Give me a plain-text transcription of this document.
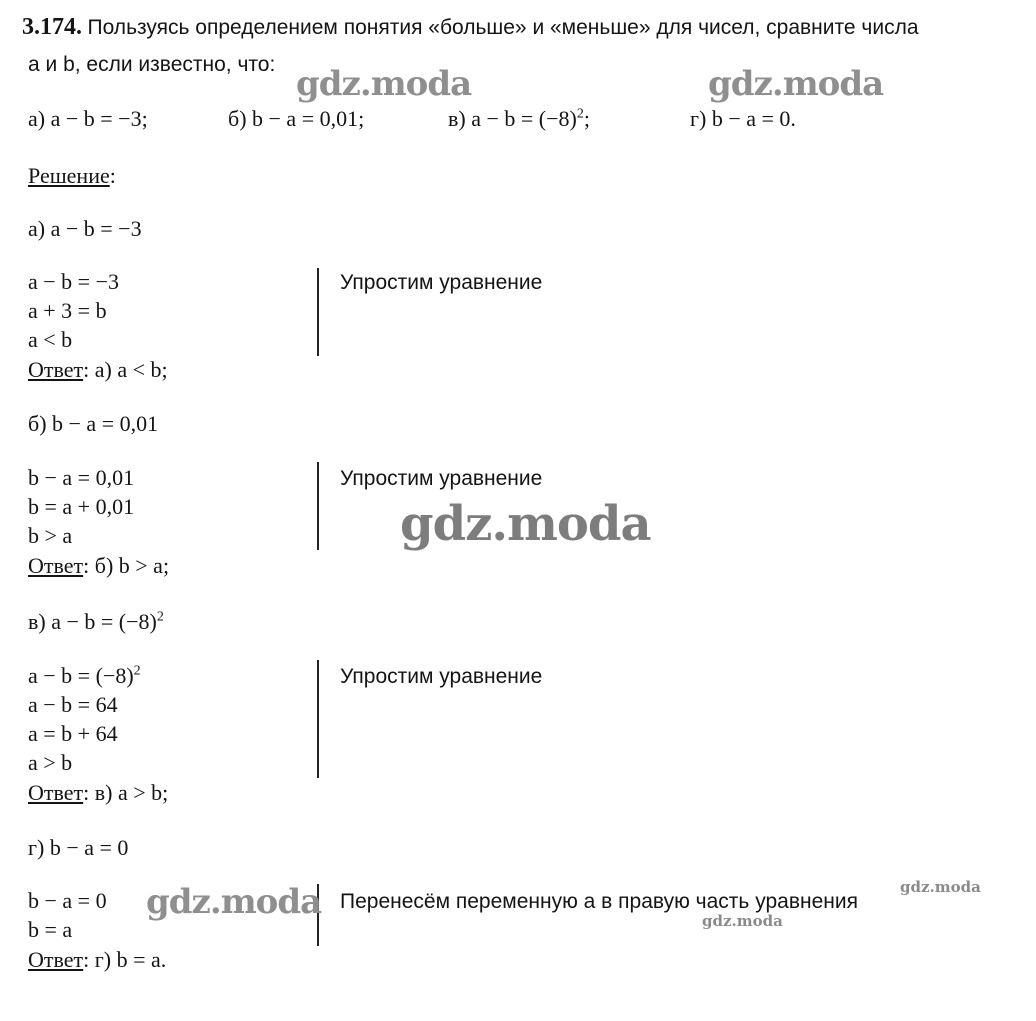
3.174. Пользуясь определением понятия «больше» и «меньше» для чисел, сравните числа
a и b, если известно, что:
а) a − b = −3;	б) b − a = 0,01;	в) $a - b = (-8)^2$;	г) b − a = 0.
Решение:
а) a − b = −3
a − b = −3
a + 3 = b
a < b
Упростим уравнение
Ответ: а) a < b;
б) b − a = 0,01
b − a = 0,01
b = a + 0,01
b > a
Упростим уравнение
Ответ: б) b > a;
в) $a - b = (-8)^2$
$a - b = (-8)^2$
a − b = 64
a = b + 64
a > b
Упростим уравнение
Ответ: в) a > b;
г) b − a = 0
b − a = 0
b = a
Перенесём переменную a в правую часть уравнения
Ответ: г) b = a.
gdz.moda	gdz.moda
gdz.moda
gdz.moda	gdz.moda
gdz.moda
